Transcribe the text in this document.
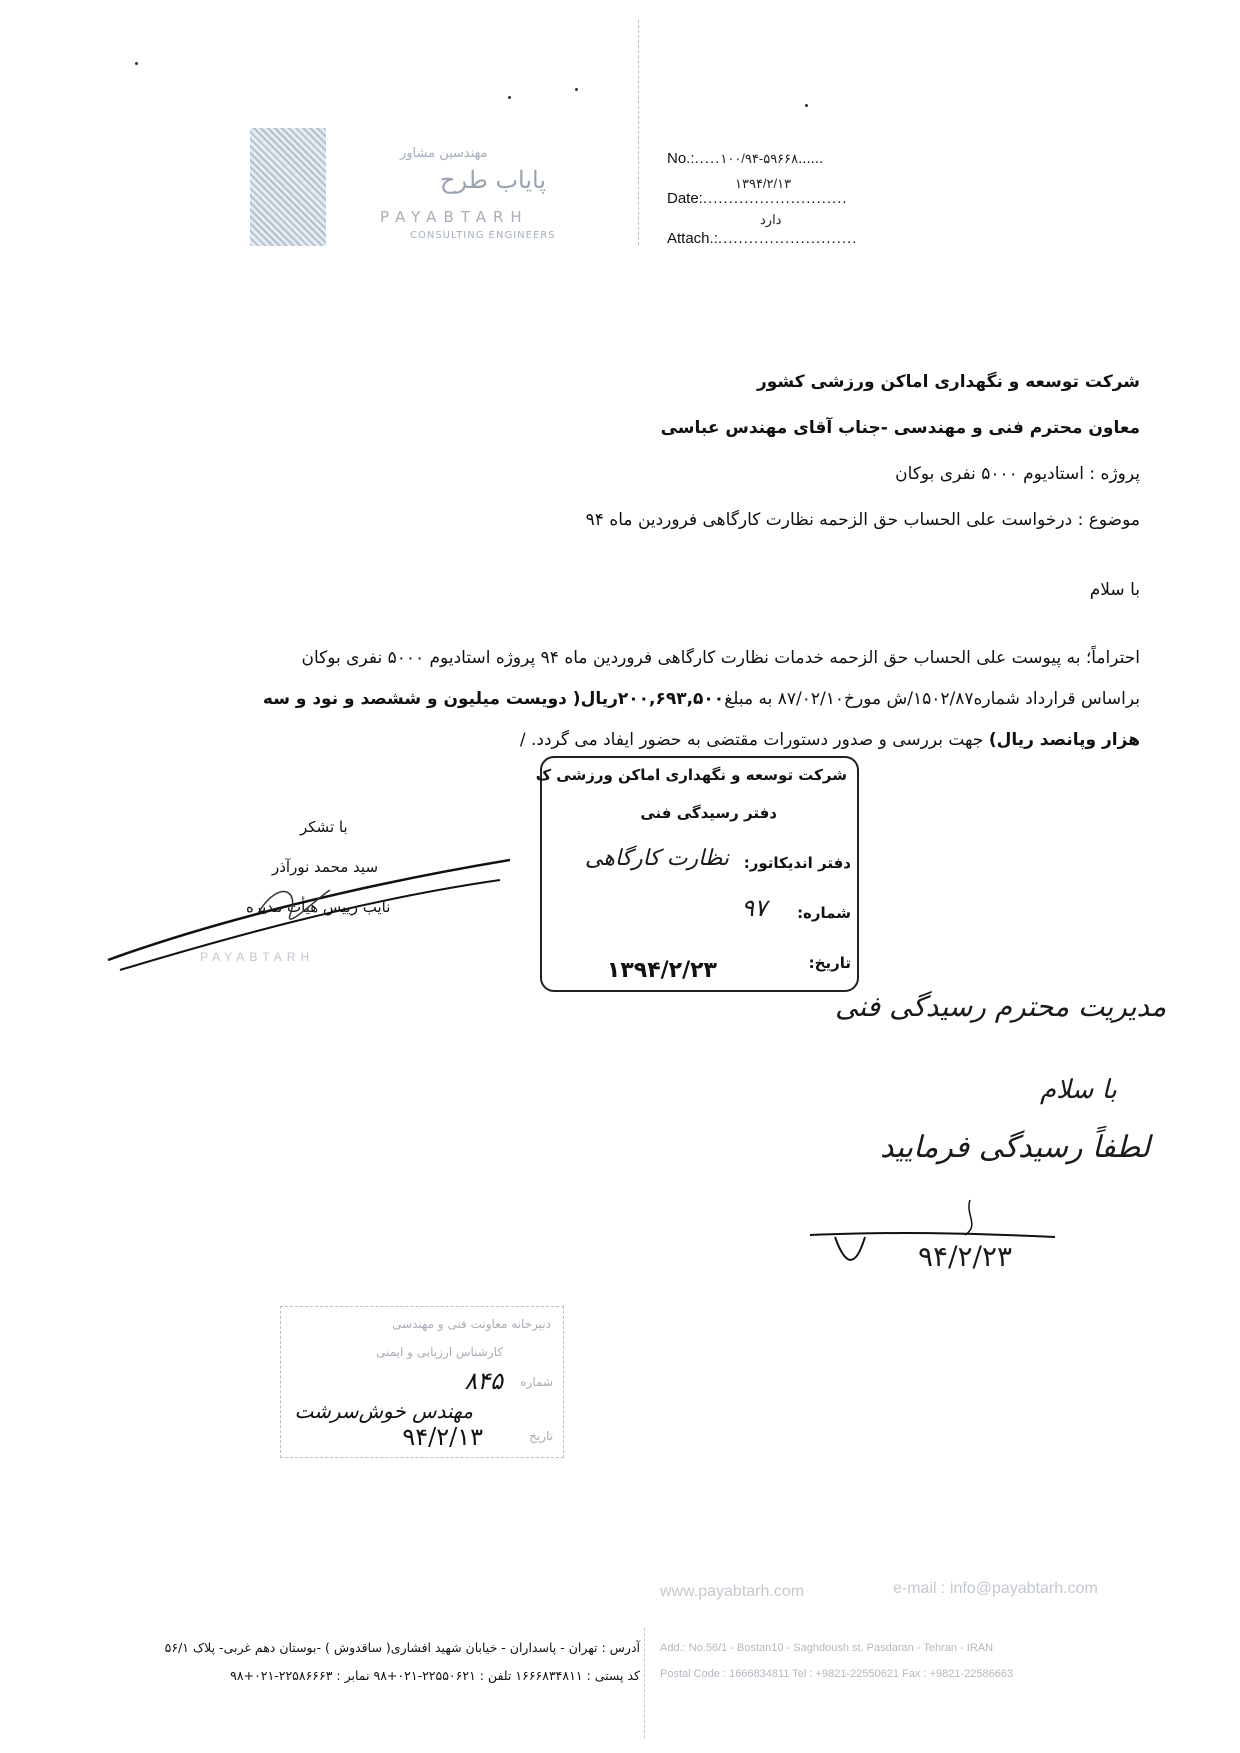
مهندسین مشاور
پایاب طرح
PAYABTARH
CONSULTING ENGINEERS
No.:.....۱۰۰/۹۴-۵۹۶۶۸......
۱۳۹۴/۲/۱۳
Date:............................
دارد
Attach.:...........................
شرکت توسعه و نگهداری اماکن ورزشی کشور
معاون محترم فنی و مهندسی -جناب آقای مهندس عباسی
پروژه : استادیوم ۵۰۰۰ نفری بوکان
موضوع : درخواست علی الحساب حق الزحمه نظارت کارگاهی فروردین ماه ۹۴
با سلام
احتراماً؛ به پیوست علی الحساب حق الزحمه خدمات نظارت کارگاهی فروردین ماه ۹۴ پروژه استادیوم ۵۰۰۰ نفری بوکان
براساس قرارداد شماره۱۵۰۲/۸۷/ش مورخ۸۷/۰۲/۱۰ به مبلغ۲۰۰,۶۹۳,۵۰۰ریال( دویست میلیون و ششصد و نود و سه
هزار وپانصد ریال) جهت بررسی و صدور دستورات مقتضی به حضور ایفاد می گردد. /
شرکت توسعه و نگهداری اماکن ورزشی ک
دفتر رسیدگی فنی
دفتر اندیکاتور:
نظارت کارگاهی
شماره:
۹۷
تاریخ:
۱۳۹۴/۲/۲۳
با تشکر
سید محمد نورآذر
نایب رییس هیأت مدیره
PAYABTARH
مدیریت محترم رسیدگی فنی
با سلام
لطفاً رسیدگی فرمایید
۹۴/۲/۲۳
دبیرخانه معاونت فنی و مهندسی
کارشناس ارزیابی و ایمنی
شماره
۸۴۵
مهندس خوش‌سرشت
تاریخ
۹۴/۲/۱۳
www.payabtarh.com	e-mail : info@payabtarh.com
آدرس : تهران - پاسداران - خیابان شهید افشاری( ساقدوش ) -بوستان دهم غربی- پلاک ۵۶/۱
کد پستی : ۱۶۶۶۸۳۴۸۱۱ تلفن : ۲۲۵۵۰۶۲۱-۰۲۱+۹۸ نمابر : ۲۲۵۸۶۶۶۳-۰۲۱+۹۸
Add.: No.56/1 - Bostan10 - Saghdoush st. Pasdaran - Tehran - IRAN
Postal Code : 1666834811 Tel : +9821-22550621 Fax : +9821-22586663
